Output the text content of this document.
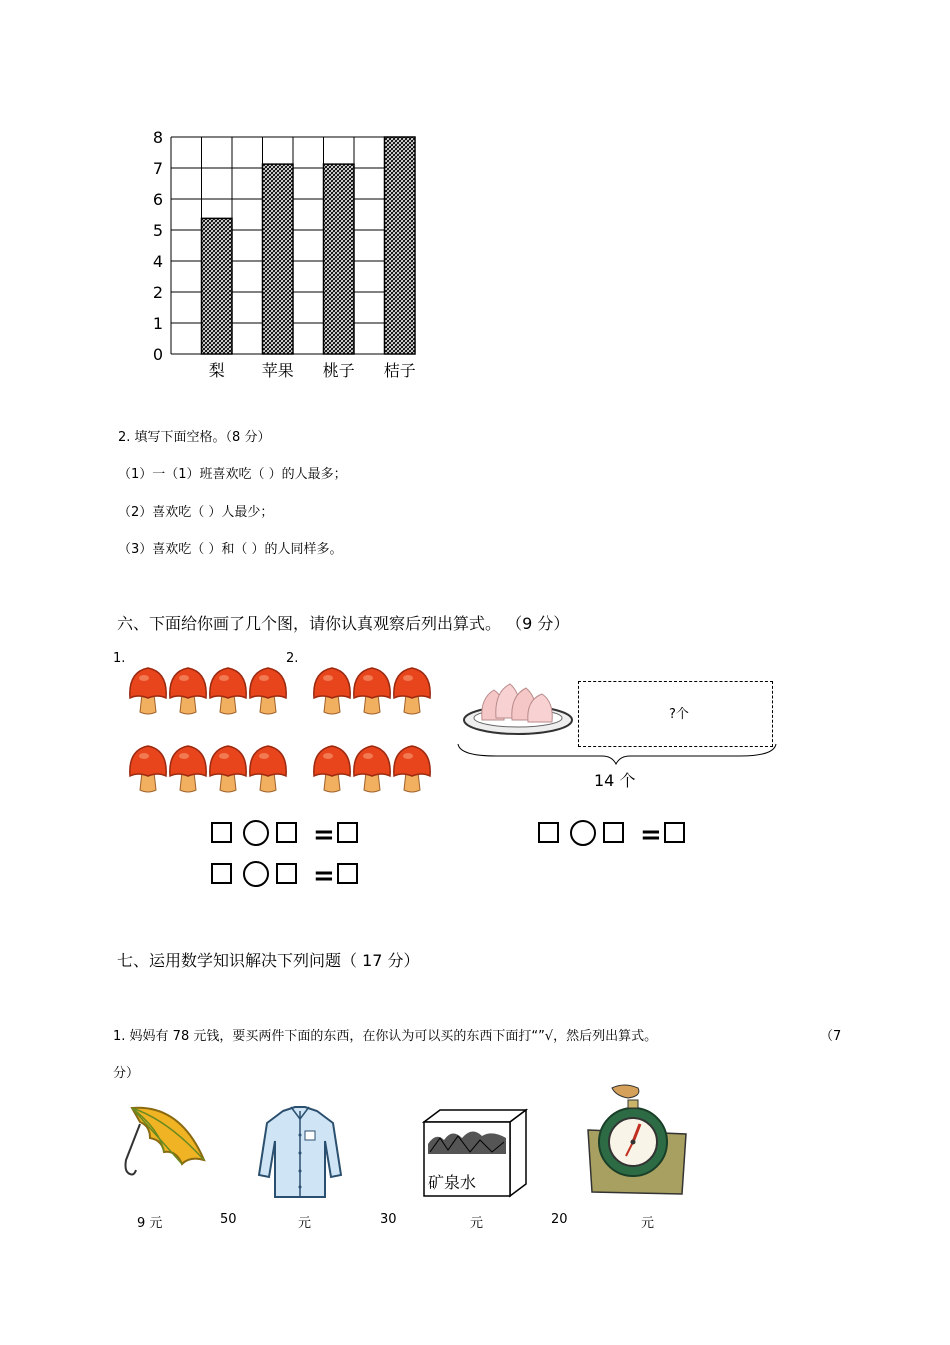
0
1
2
4
5
6
7
8
梨 苹果 桃子 桔子
2. 填写下面空格。（8 分）
（1）一（1）班喜欢吃（ ）的人最多；
（2）喜欢吃（ ）人最少；
（3）喜欢吃（ ）和（ ）的人同样多。
六、下面给你画了几个图，请你认真观察后列出算式。 （9 分）
1.	2.
?个
14 个
=
=
=
七、运用数学知识解决下列问题（ 17 分）
1. 妈妈有 78 元钱，要买两件下面的东西，在你认为可以买的东西下面打“”√，然后列出算式。	（7
分）
矿泉水
9 元	50	元	30	元	20	元
